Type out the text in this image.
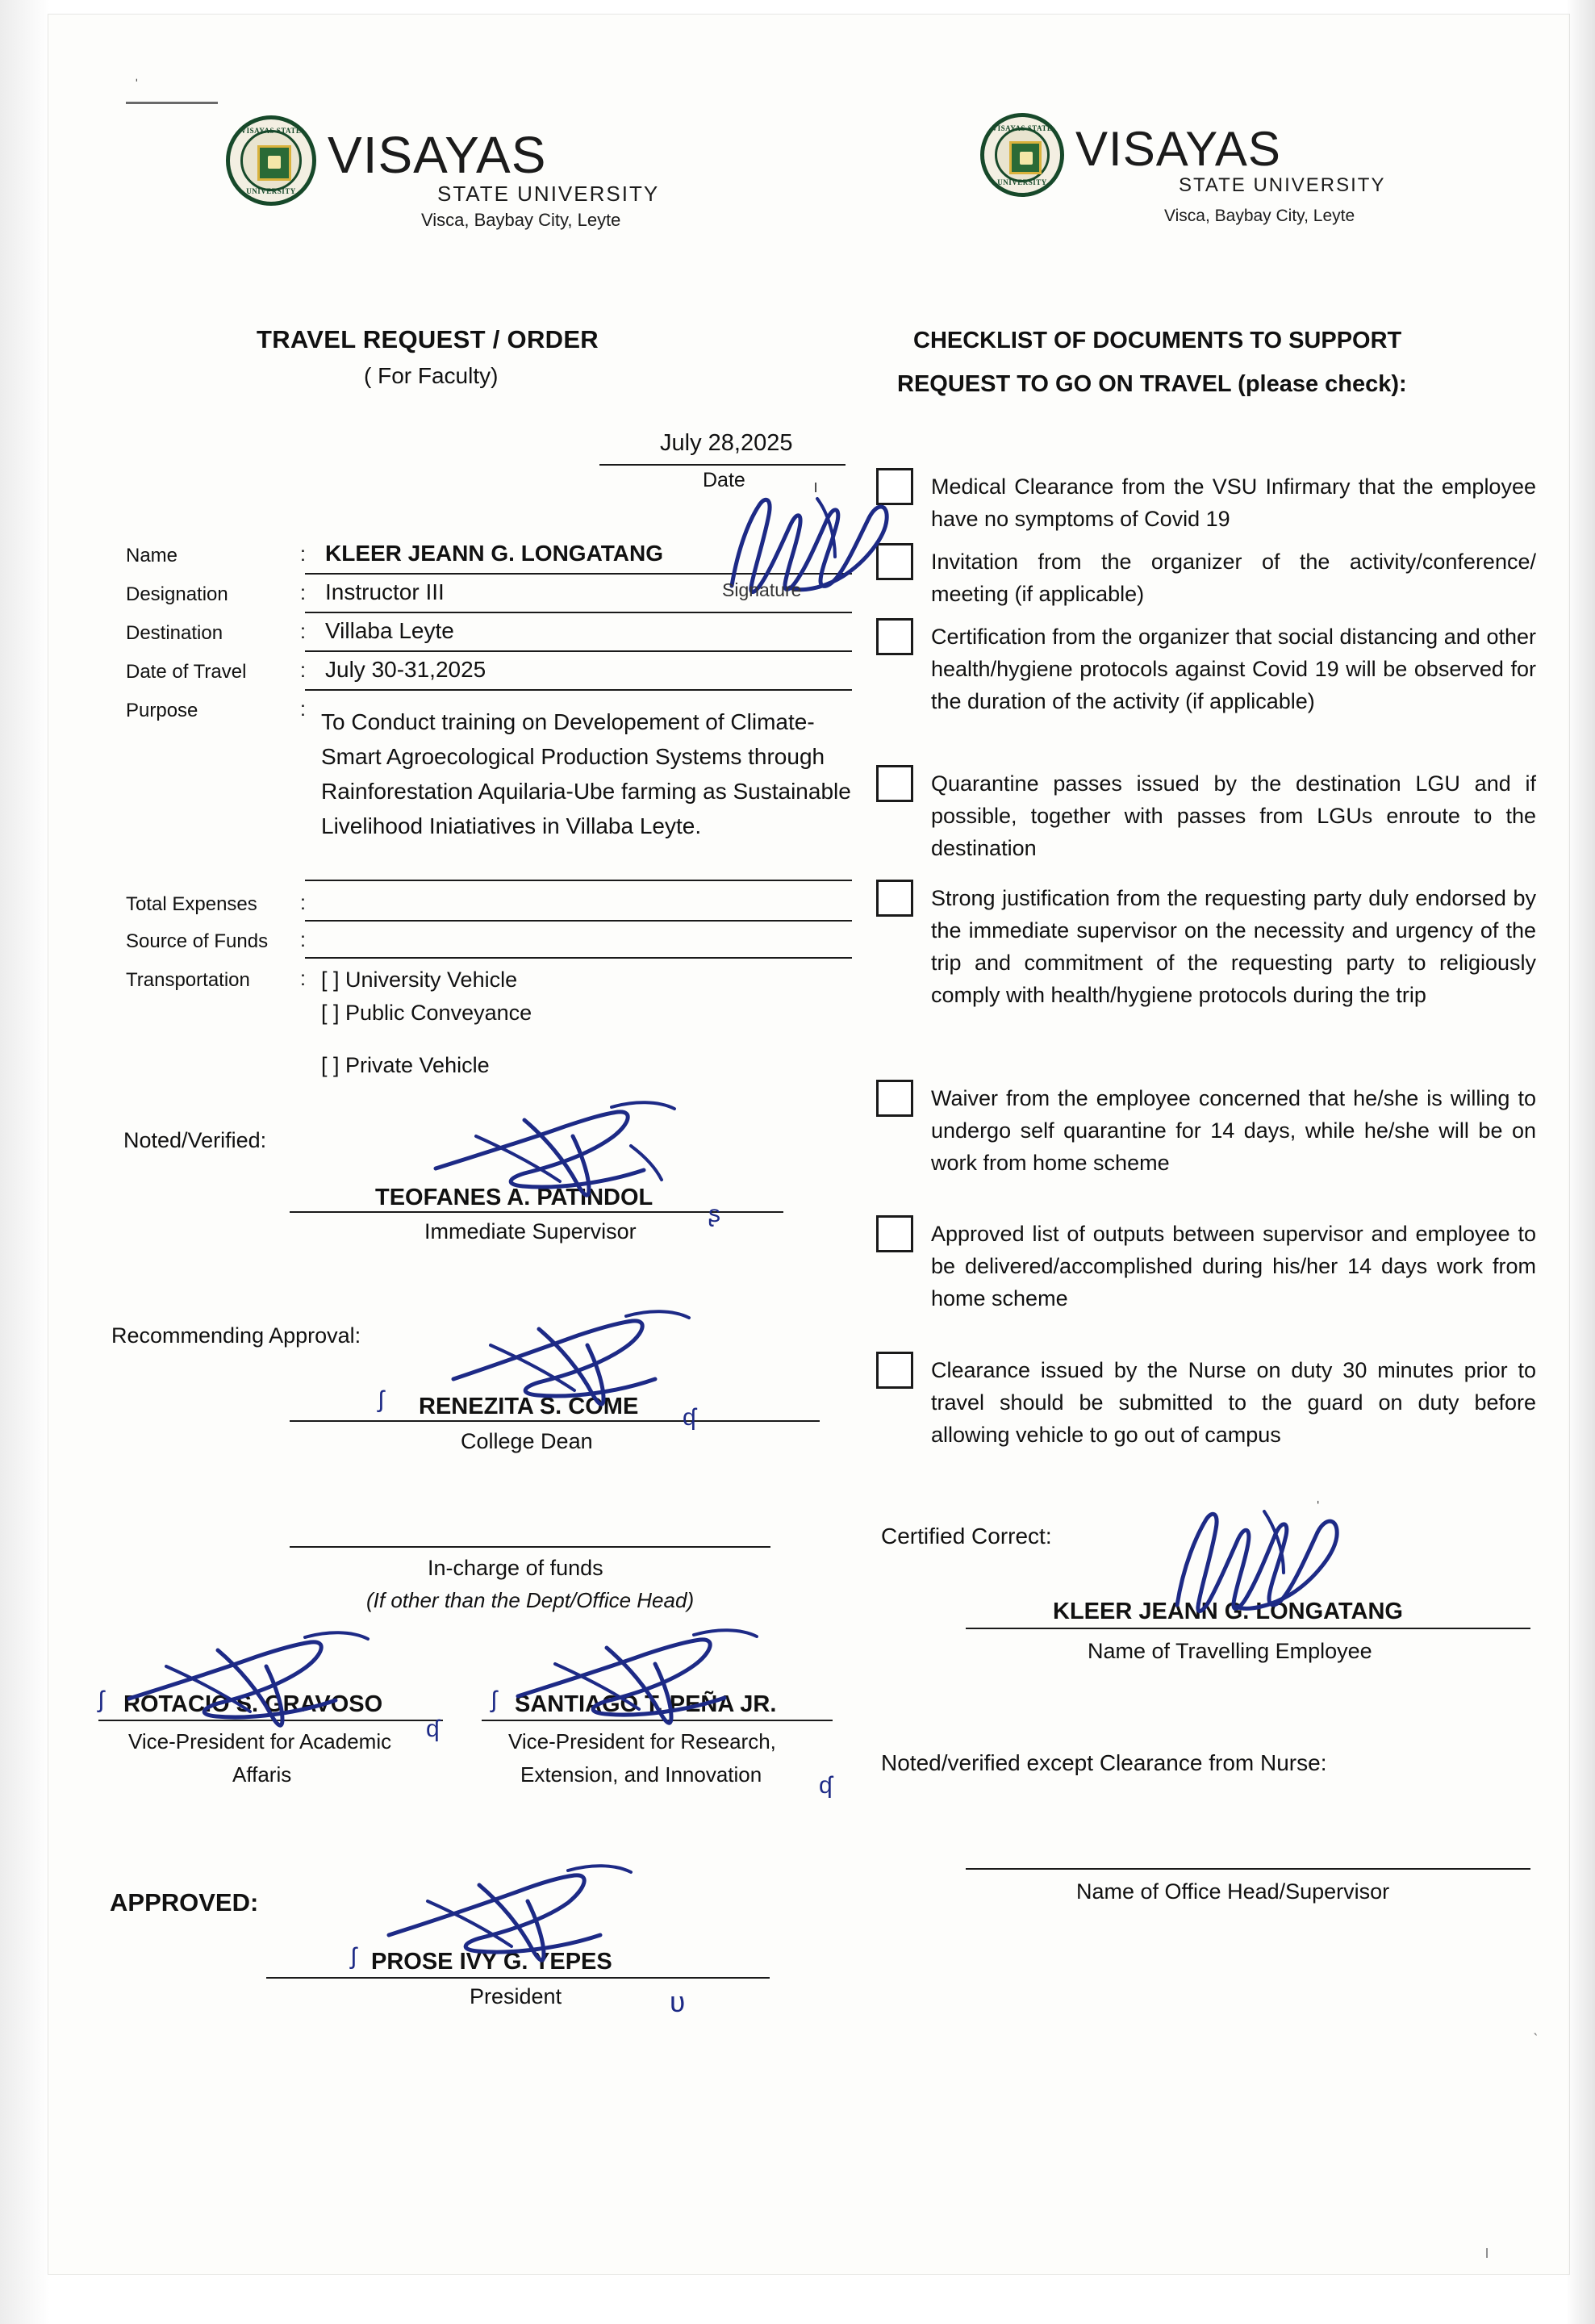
VISAYAS STATE
UNIVERSITY
VISAYAS
STATE UNIVERSITY
Visca, Baybay City, Leyte
VISAYAS STATE
UNIVERSITY
VISAYAS
STATE UNIVERSITY
Visca, Baybay City, Leyte
ˌ
TRAVEL REQUEST / ORDER
( For Faculty)
July 28,2025
Date
Name	: KLEER JEANN G. LONGATANG
Designation	: Instructor III
Destination	: Villaba Leyte
Date of Travel	: July 30-31,2025
Purpose	: To Conduct training on Developement of Climate-Smart Agroecological Production Systems through Rainforestation Aquilaria-Ube farming as Sustainable Livelihood Iniatiatives in Villaba Leyte.
Total Expenses :
Source of Funds :
Transportation : [ ] University Vehicle
[ ] Public Conveyance
[ ] Private Vehicle
Noted/Verified:
TEOFANES A. PATINDOL
Immediate Supervisor
Recommending Approval:
RENEZITA S. COME
College Dean
In-charge of funds
(If other than the Dept/Office Head)
ROTACIO S. GRAVOSO
Vice-President for Academic
Affaris
SANTIAGO T. PEÑA JR.
Vice-President for Research,
Extension, and Innovation
APPROVED:
PROSE IVY G. YEPES
President
CHECKLIST OF DOCUMENTS TO SUPPORT
REQUEST TO GO ON TRAVEL (please check):
Medical Clearance from the VSU Infirmary that the employee have no symptoms of Covid 19
Invitation from the organizer of the activity/conference/ meeting (if applicable)
Certification from the organizer that social distancing and other health/hygiene protocols against Covid 19 will be observed for the duration of the activity (if applicable)
Quarantine passes issued by the destination LGU and if possible, together with passes from LGUs enroute to the destination
Strong justification from the requesting party duly endorsed by the immediate supervisor on the necessity and urgency of the trip and commitment of the requesting party to religiously comply with health/hygiene protocols during the trip
Waiver from the employee concerned that he/she is willing to undergo self quarantine for 14 days, while he/she will be on work from home scheme
Approved list of outputs between supervisor and employee to be delivered/accomplished during his/her 14 days work from home scheme
Clearance issued by the Nurse on duty 30 minutes prior to travel should be submitted to the guard on duty before allowing vehicle to go out of campus
Certified Correct:
KLEER JEANN G. LONGATANG
Name of Travelling Employee
Noted/verified except Clearance from Nurse:
Name of Office Head/Supervisor
Signature
ı
ʂ
ʃ
ʠ
ʃ
ʠ
ʃ
ʠ
ʃ
ʋ
ˈ
ˎ
ı
